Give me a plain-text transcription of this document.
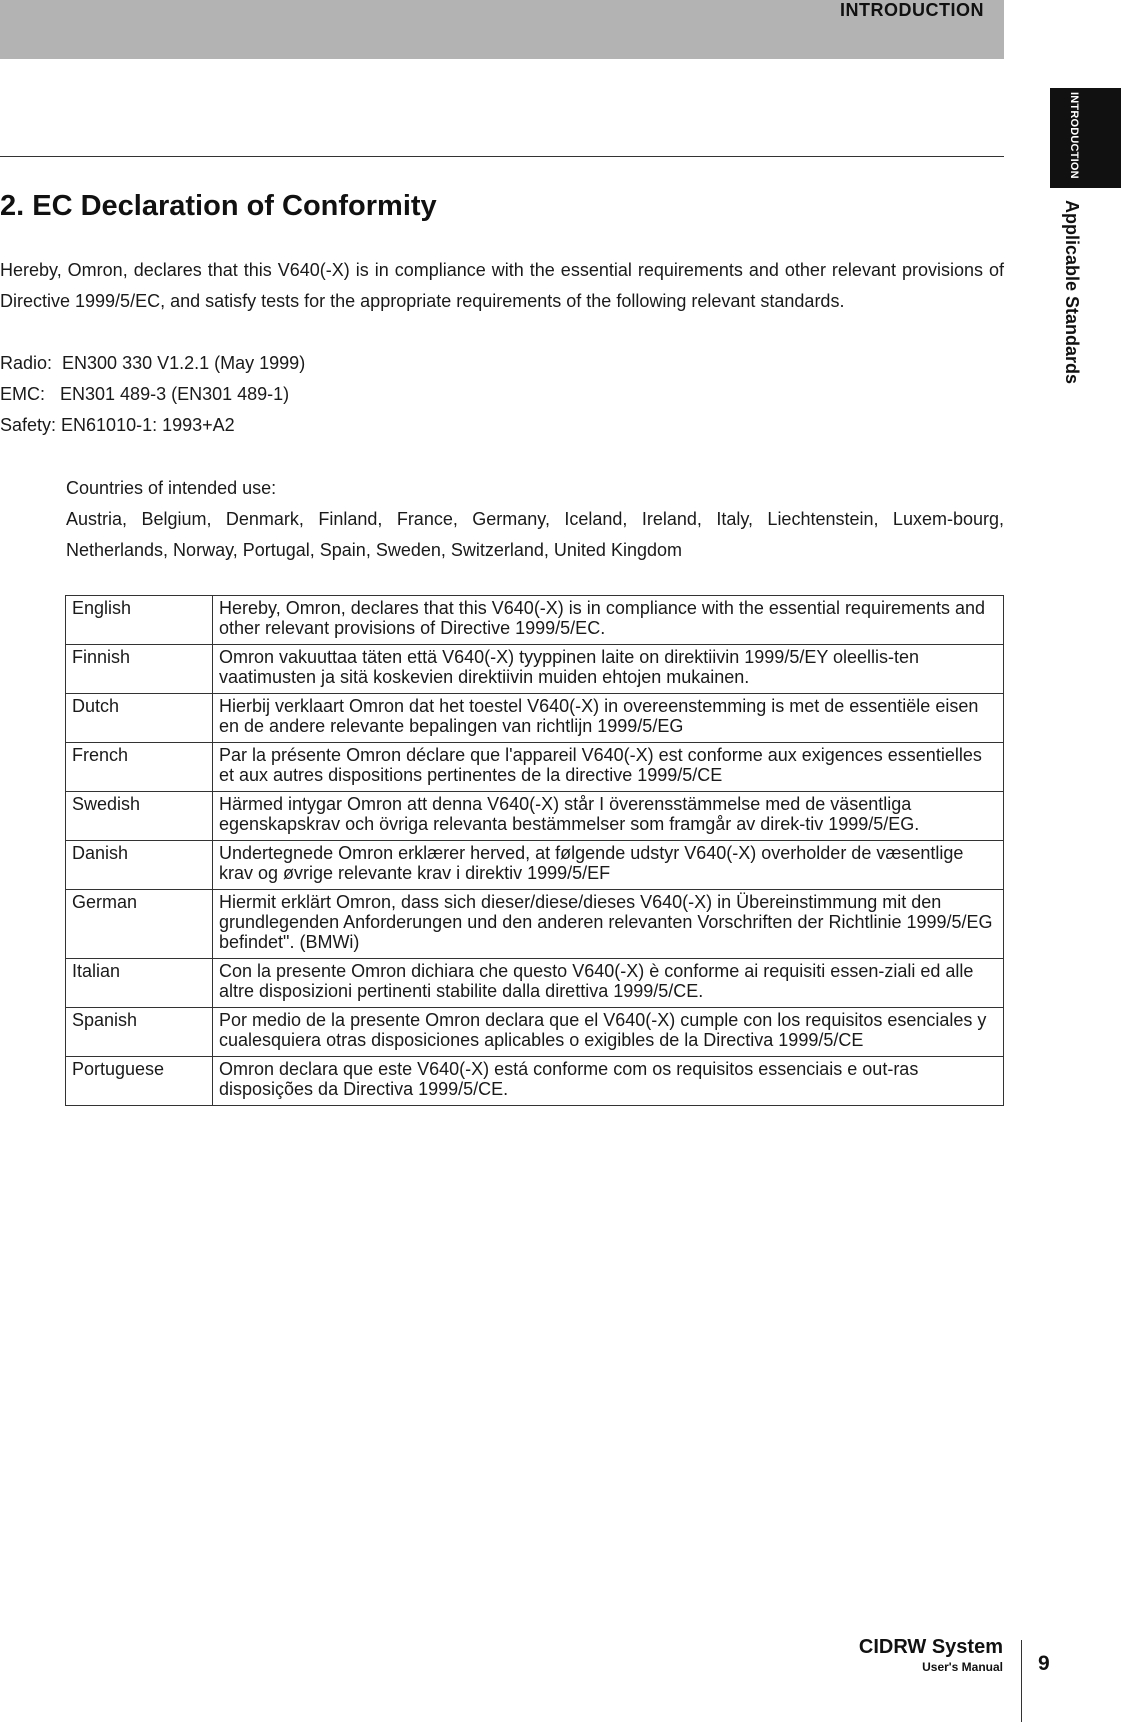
INTRODUCTION
INTRODUCTION
Applicable Standards
2. EC Declaration of Conformity

Hereby, Omron, declares that this V640(-X) is in compliance with the essential requirements and other relevant provisions of Directive 1999/5/EC, and satisfy tests for the appropriate requirements of the following relevant standards.

Radio:  EN300 330 V1.2.1 (May 1999)
EMC:   EN301 489-3 (EN301 489-1)
Safety: EN61010-1: 1993+A2
Countries of intended use:

Austria, Belgium, Denmark, Finland, France, Germany, Iceland, Ireland, Italy, Liechtenstein, Luxem-bourg, Netherlands, Norway, Portugal, Spain, Sweden, Switzerland, United Kingdom

English	Hereby, Omron, declares that this V640(-X) is in compliance with the essential requirements and other relevant provisions of Directive 1999/5/EC.
Finnish	Omron vakuuttaa täten että V640(-X) tyyppinen laite on direktiivin 1999/5/EY oleellis-ten vaatimusten ja sitä koskevien direktiivin muiden ehtojen mukainen.
Dutch	Hierbij verklaart Omron dat het toestel V640(-X) in overeenstemming is met de essentiële eisen en de andere relevante bepalingen van richtlijn 1999/5/EG
French	Par la présente Omron déclare que l'appareil V640(-X) est conforme aux exigences essentielles et aux autres dispositions pertinentes de la directive 1999/5/CE
Swedish	Härmed intygar Omron att denna V640(-X) står I överensstämmelse med de väsentliga egenskapskrav och övriga relevanta bestämmelser som framgår av direk-tiv 1999/5/EG.
Danish	Undertegnede Omron erklærer herved, at følgende udstyr V640(-X) overholder de væsentlige krav og øvrige relevante krav i direktiv 1999/5/EF
German	Hiermit erklärt Omron, dass sich dieser/diese/dieses V640(-X) in Übereinstimmung mit den grundlegenden Anforderungen und den anderen relevanten Vorschriften der Richtlinie 1999/5/EG befindet". (BMWi)
Italian	Con la presente Omron dichiara che questo V640(-X) è conforme ai requisiti essen-ziali ed alle altre disposizioni pertinenti stabilite dalla direttiva 1999/5/CE.
Spanish	Por medio de la presente Omron declara que el V640(-X) cumple con los requisitos esenciales y cualesquiera otras disposiciones aplicables o exigibles de la Directiva 1999/5/CE
Portuguese	Omron declara que este V640(-X) está conforme com os requisitos essenciais e out-ras disposições da Directiva 1999/5/CE.
CIDRW System
User's Manual 9
